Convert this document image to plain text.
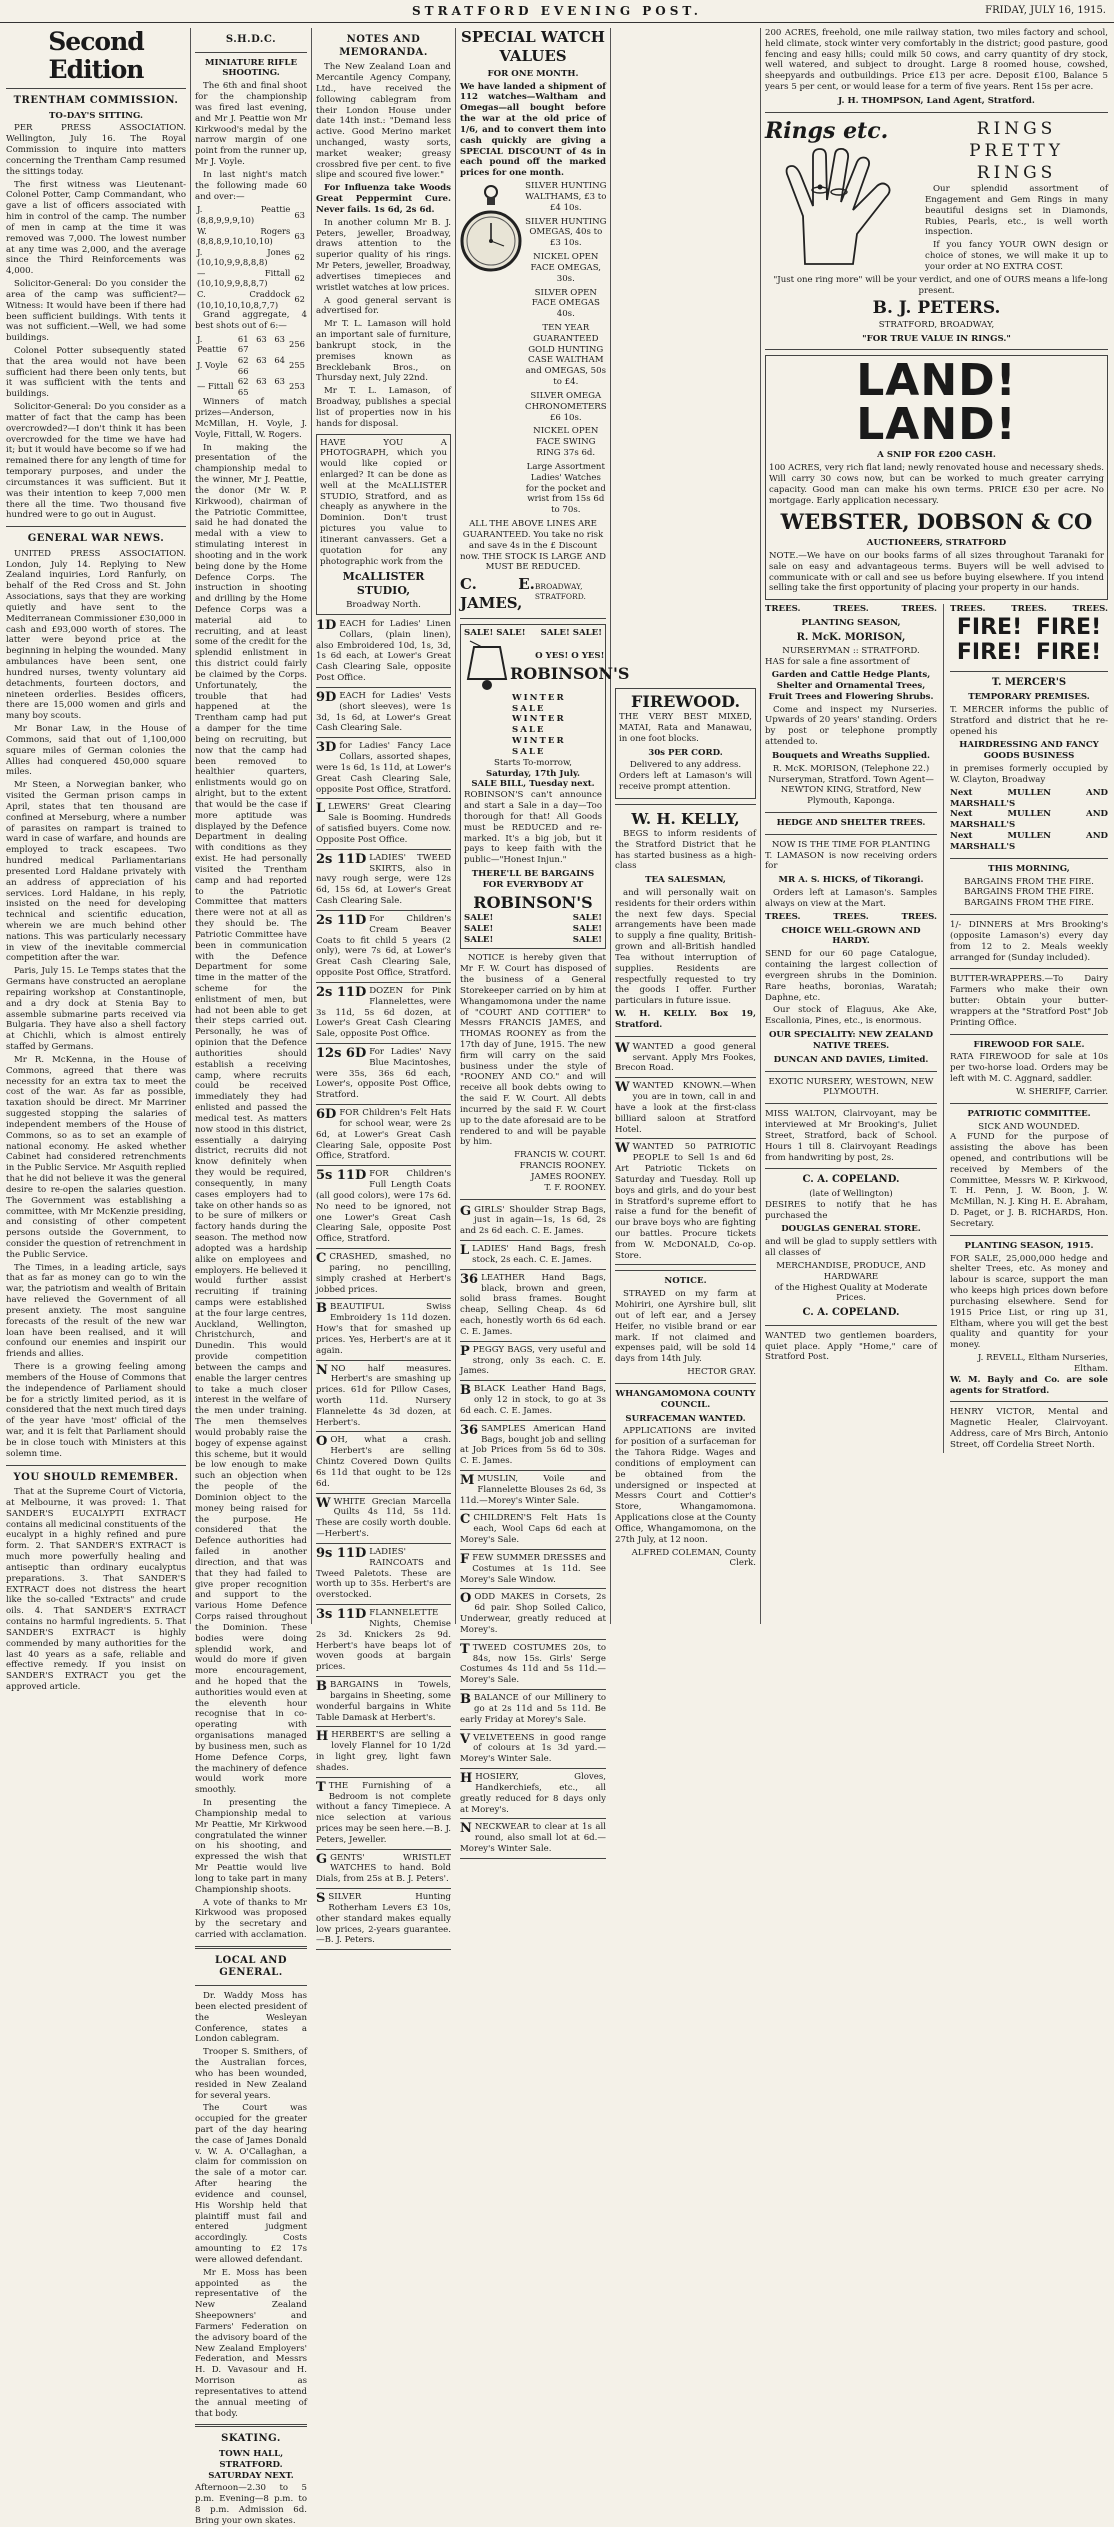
STRATFORD EVENING POST.	FRIDAY, JULY 16, 1915.
Second Edition
TRENTHAM COMMISSION.
TO-DAY'S SITTING.

PER PRESS ASSOCIATION. Wellington, July 16. The Royal Commission to inquire into matters concerning the Trentham Camp resumed the sittings today.

The first witness was Lieutenant-Colonel Potter, Camp Commandant, who gave a list of officers associated with him in control of the camp. The number of men in camp at the time it was removed was 7,000. The lowest number at any time was 2,000, and the average since the Third Reinforcements was 4,000.

Solicitor-General: Do you consider the area of the camp was sufficient?—Witness: It would have been if there had been sufficient buildings. With tents it was not sufficient.—Well, we had some buildings.

Colonel Potter subsequently stated that the area would not have been sufficient had there been only tents, but it was sufficient with the tents and buildings.

Solicitor-General: Do you consider as a matter of fact that the camp has been overcrowded?—I don't think it has been overcrowded for the time we have had it; but it would have become so if we had remained there for any length of time for temporary purposes, and under the circumstances it was sufficient. But it was their intention to keep 7,000 men there all the time. Two thousand five hundred were to go out in August.

GENERAL WAR NEWS.

UNITED PRESS ASSOCIATION. London, July 14. Replying to New Zealand inquiries, Lord Ranfurly, on behalf of the Red Cross and St. John Associations, says that they are working quietly and have sent to the Mediterranean Commissioner £30,000 in cash and £93,000 worth of stores. The latter were beyond price at the beginning in helping the wounded. Many ambulances have been sent, one hundred nurses, twenty voluntary aid detachments, fourteen doctors, and nineteen orderlies. Besides officers, there are 15,000 women and girls and many boy scouts.

Mr Bonar Law, in the House of Commons, said that out of 1,100,000 square miles of German colonies the Allies had conquered 450,000 square miles.

Mr Steen, a Norwegian banker, who visited the German prison camps in April, states that ten thousand are confined at Merseburg, where a number of parasites on rampart is trained to ward in case of warfare, and hounds are employed to track escapees. Two hundred medical Parliamentarians presented Lord Haldane privately with an address of appreciation of his services. Lord Haldane, in his reply, insisted on the need for developing technical and scientific education, wherein we are much behind other nations. This was particularly necessary in view of the inevitable commercial competition after the war.

Paris, July 15. Le Temps states that the Germans have constructed an aeroplane repairing workshop at Constantinople, and a dry dock at Stenia Bay to assemble submarine parts received via Bulgaria. They have also a shell factory at Chichli, which is almost entirely staffed by Germans.

Mr R. McKenna, in the House of Commons, agreed that there was necessity for an extra tax to meet the cost of the war. As far as possible, taxation should be direct. Mr Marriner suggested stopping the salaries of independent members of the House of Commons, so as to set an example of national economy. He asked whether Cabinet had considered retrenchments in the Public Service. Mr Asquith replied that he did not believe it was the general desire to re-open the salaries question. The Government was establishing a committee, with Mr McKenzie presiding, and consisting of other competent persons outside the Government, to consider the question of retrenchment in the Public Service.

The Times, in a leading article, says that as far as money can go to win the war, the patriotism and wealth of Britain have relieved the Government of all present anxiety. The most sanguine forecasts of the result of the new war loan have been realised, and it will confound our enemies and inspirit our friends and allies.

There is a growing feeling among members of the House of Commons that the independence of Parliament should be for a strictly limited period, as it is considered that the next much tired days of the year have 'most' official of the war, and it is felt that Parliament should be in close touch with Ministers at this solemn time.

YOU SHOULD REMEMBER.

That at the Supreme Court of Victoria, at Melbourne, it was proved: 1. That SANDER'S EUCALYPTI EXTRACT contains all medicinal constituents of the eucalypt in a highly refined and pure form. 2. That SANDER'S EXTRACT is much more powerfully healing and antiseptic than ordinary eucalyptus preparations. 3. That SANDER'S EXTRACT does not distress the heart like the so-called "Extracts" and crude oils. 4. That SANDER'S EXTRACT contains no harmful ingredients. 5. That SANDER'S EXTRACT is highly commended by many authorities for the last 40 years as a safe, reliable and effective remedy. If you insist on SANDER'S EXTRACT you get the approved article.

S.H.D.C.
MINIATURE RIFLE SHOOTING.

The 6th and final shoot for the championship was fired last evening, and Mr J. Peattie won Mr Kirkwood's medal by the narrow margin of one point from the runner up, Mr J. Voyle.

In last night's match the following made 60 and over:—

J. Peattie (8,8,9,9,9,10)	63
W. Rogers (8,8,8,9,10,10,10)	63
J. Jones (10,10,9,9,8,8,8)	62
— Fittall (10,10,9,9,8,8,7)	62
C. Craddock (10,10,10,10,8,7,7)	62

Grand aggregate, 4 best shots out of 6:—

J. Peattie	61 63 63 67	256
J. Voyle	62 63 64 66	255
— Fittall	62 63 63 65	253

Winners of match prizes—Anderson, McMillan, H. Voyle, J. Voyle, Fittall, W. Rogers.

In making the presentation of the championship medal to the winner, Mr J. Peattie, the donor (Mr W. P. Kirkwood), chairman of the Patriotic Committee, said he had donated the medal with a view to stimulating interest in shooting and in the work being done by the Home Defence Corps. The instruction in shooting and drilling by the Home Defence Corps was a material aid to recruiting, and at least some of the credit for the splendid enlistment in this district could fairly be claimed by the Corps. Unfortunately, the trouble that had happened at the Trentham camp had put a damper for the time being on recruiting, but now that the camp had been removed to healthier quarters, enlistments would go on alright, but to the extent that would be the case if more aptitude was displayed by the Defence Department in dealing with conditions as they exist. He had personally visited the Trentham camp and had reported to the Patriotic Committee that matters there were not at all as they should be. The Patriotic Committee have been in communication with the Defence Department for some time in the matter of the scheme for the enlistment of men, but had not been able to get their steps carried out. Personally, he was of opinion that the Defence authorities should establish a receiving camp, where recruits could be received immediately they had enlisted and passed the medical test. As matters now stood in this district, essentially a dairying district, recruits did not know definitely when they would be required, consequently, in many cases employers had to take on other hands so as to be sure of milkers or factory hands during the season. The method now adopted was a hardship alike on employees and employers. He believed it would further assist recruiting if training camps were established at the four large centres, Auckland, Wellington, Christchurch, and Dunedin. This would provide competition between the camps and enable the larger centres to take a much closer interest in the welfare of the men under training. The men themselves would probably raise the bogey of expense against this scheme, but it would be low enough to make such an objection when the people of the Dominion object to the money being raised for the purpose. He considered that the Defence authorities had failed in another direction, and that was that they had failed to give proper recognition and support to the various Home Defence Corps raised throughout the Dominion. These bodies were doing splendid work, and would do more if given more encouragement, and he hoped that the authorities would even at the eleventh hour recognise that in co-operating with organisations managed by business men, such as Home Defence Corps, the machinery of defence would work more smoothly.

In presenting the Championship medal to Mr Peattie, Mr Kirkwood congratulated the winner on his shooting, and expressed the wish that Mr Peattie would live long to take part in many Championship shoots.

A vote of thanks to Mr Kirkwood was proposed by the secretary and carried with acclamation.

LOCAL AND GENERAL.

Dr. Waddy Moss has been elected president of the Wesleyan Conference, states a London cablegram.

Trooper S. Smithers, of the Australian forces, who has been wounded, resided in New Zealand for several years.

The Court was occupied for the greater part of the day hearing the case of James Donald v. W. A. O'Callaghan, a claim for commission on the sale of a motor car. After hearing the evidence and counsel, His Worship held that plaintiff must fail and entered judgment accordingly. Costs amounting to £2 17s were allowed defendant.

Mr E. Moss has been appointed as the representative of the New Zealand Sheepowners' and Farmers' Federation on the advisory board of the New Zealand Employers' Federation, and Messrs H. D. Vavasour and H. Morrison as representatives to attend the annual meeting of that body.

SKATING.
TOWN HALL, STRATFORD. SATURDAY NEXT.

Afternoon—2.30 to 5 p.m. Evening—8 p.m. to 8 p.m. Admission 6d. Bring your own skates.

NOTES AND MEMORANDA.

The New Zealand Loan and Mercantile Agency Company, Ltd., have received the following cablegram from their London House under date 14th inst.: "Demand less active. Good Merino market unchanged, wasty sorts, market weaker; greasy crossbred five per cent. to five slipe and scoured five lower."

For Influenza take Woods Great Peppermint Cure. Never fails. 1s 6d, 2s 6d.

In another column Mr B. J. Peters, jeweller, Broadway, draws attention to the superior quality of his rings. Mr Peters, jeweller, Broadway, advertises timepieces and wristlet watches at low prices.

A good general servant is advertised for.

Mr T. L. Lamason will hold an important sale of furniture, bankrupt stock, in the premises known as Brecklebank Bros., on Thursday next, July 22nd.

Mr T. L. Lamason, of Broadway, publishes a special list of properties now in his hands for disposal.

HAVE YOU A PHOTOGRAPH, which you would like copied or enlarged? It can be done as well at the McALLISTER STUDIO, Stratford, and as cheaply as anywhere in the Dominion. Don't trust pictures you value to itinerant canvassers. Get a quotation for any photographic work from the

McALLISTER STUDIO,
Broadway North.
1D EACH for Ladies' Linen Collars, (plain linen), also Embroidered 10d, 1s, 3d, 1s 6d each, at Lower's Great Cash Clearing Sale, opposite Post Office.
9D EACH for Ladies' Vests (short sleeves), were 1s 3d, 1s 6d, at Lower's Great Cash Clearing Sale.
3D for Ladies' Fancy Lace Collars, assorted shapes, were 1s 6d, 1s 11d, at Lower's Great Cash Clearing Sale, opposite Post Office, Stratford.
LLEWERS' Great Clearing Sale is Booming. Hundreds of satisfied buyers. Come now. Opposite Post Office.
2s 11D LADIES' TWEED SKIRTS, also in navy rough serge, were 12s 6d, 15s 6d, at Lower's Great Cash Clearing Sale.
2s 11D For Children's Cream Beaver Coats to fit child 5 years (2 only), were 7s 6d, at Lower's Great Cash Clearing Sale, opposite Post Office, Stratford.
2s 11D DOZEN for Pink Flannelettes, were 3s 11d, 5s 6d dozen, at Lower's Great Cash Clearing Sale, opposite Post Office.
12s 6D For Ladies' Navy Blue Macintoshes, were 35s, 36s 6d each, Lower's, opposite Post Office, Stratford.
6D FOR Children's Felt Hats for school wear, were 2s 6d, at Lower's Great Cash Clearing Sale, opposite Post Office, Stratford.
5s 11D FOR Children's Full Length Coats (all good colors), were 17s 6d. No need to be ignored, not one Lower's Great Cash Clearing Sale, opposite Post Office, Stratford.
CCRASHED, smashed, no paring, no pencilling, simply crashed at Herbert's jobbed prices.
BBEAUTIFUL Swiss Embroidery 1s 11d dozen. How's that for smashed up prices. Yes, Herbert's are at it again.
NNO half measures. Herbert's are smashing up prices. 61d for Pillow Cases, worth 11d. Nursery Flannelette 4s 3d dozen, at Herbert's.
OOH, what a crash. Herbert's are selling Chintz Covered Down Quilts 6s 11d that ought to be 12s 6d.
WWHITE Grecian Marcella Quilts 4s 11d, 5s 11d. These are cosily worth double.—Herbert's.
9s 11D LADIES' RAINCOATS and Tweed Paletots. These are worth up to 35s. Herbert's are overstocked.
3s 11D FLANNELETTE Nights, Chemise 2s 3d. Knickers 2s 9d. Herbert's have beaps lot of woven goods at bargain prices.
BBARGAINS in Towels, bargains in Sheeting, some wonderful bargains in White Table Damask at Herbert's.
HHERBERT'S are selling a lovely Flannel for 10 1/2d in light grey, light fawn shades.
TTHE Furnishing of a Bedroom is not complete without a fancy Timepiece. A nice selection at various prices may be seen here.—B. J. Peters, Jeweller.
GGENTS' WRISTLET WATCHES to hand. Bold Dials, from 25s at B. J. Peters'.
SSILVER Hunting Rotherham Levers £3 10s, other standard makes equally low prices, 2-years guarantee.—B. J. Peters.
SPECIAL WATCH VALUES
FOR ONE MONTH.

We have landed a shipment of 112 watches—Waltham and Omegas—all bought before the war at the old price of 1/6, and to convert them into cash quickly are giving a SPECIAL DISCOUNT of 4s in each pound off the marked prices for one month.

SILVER HUNTING WALTHAMS, £3 to £4 10s.
SILVER HUNTING OMEGAS, 40s to £3 10s.
NICKEL OPEN FACE OMEGAS, 30s.
SILVER OPEN FACE OMEGAS 40s.
TEN YEAR GUARANTEED GOLD HUNTING CASE WALTHAM and OMEGAS, 50s to £4.
SILVER OMEGA CHRONOMETERS £6 10s.
NICKEL OPEN FACE SWING RING 37s 6d.
Large Assortment Ladies' Watches for the pocket and wrist from 15s 6d to 70s.

ALL THE ABOVE LINES ARE GUARANTEED. You take no risk and save 4s in the £ Discount now. THE STOCK IS LARGE AND MUST BE REDUCED.

C. E. JAMES,
BROADWAY, STRATFORD.
SALE! SALE! SALE! SALE!
O YES! O YES!
ROBINSON'S
WINTER SALE
WINTER SALE
WINTER SALE
Starts To-morrow,
Saturday, 17th July.
SALE BILL, Tuesday next.

ROBINSON'S can't announce and start a Sale in a day—Too thorough for that! All Goods must be REDUCED and re-marked. It's a big job, but it pays to keep faith with the public—"Honest Injun."

THERE'LL BE BARGAINS FOR EVERYBODY AT
ROBINSON'S
SALE!
SALE!
SALE!
SALE!
SALE!
SALE!

NOTICE is hereby given that Mr F. W. Court has disposed of the business of a General Storekeeper carried on by him at Whangamomona under the name of "COURT AND COTTIER" to Messrs FRANCIS JAMES, and THOMAS ROONEY as from the 17th day of June, 1915. The new firm will carry on the said business under the style of "ROONEY AND CO." and will receive all book debts owing to the said F. W. Court. All debts incurred by the said F. W. Court up to the date aforesaid are to be rendered to and will be payable by him.

FRANCIS W. COURT.
FRANCIS ROONEY.
JAMES ROONEY.
T. F. ROONEY.
GGIRLS' Shoulder Strap Bags, just in again—1s, 1s 6d, 2s and 2s 6d each. C. E. James.
LLADIES' Hand Bags, fresh stock, 2s each. C. E. James.
36 LEATHER Hand Bags, black, brown and green, solid brass frames. Bought cheap, Selling Cheap. 4s 6d each, honestly worth 6s 6d each. C. E. James.
PPEGGY BAGS, very useful and strong, only 3s each. C. E. James.
BBLACK Leather Hand Bags, only 12 in stock, to go at 3s 6d each. C. E. James.
36 SAMPLES American Hand Bags, bought job and selling at Job Prices from 5s 6d to 30s. C. E. James.
MMUSLIN, Voile and Flannelette Blouses 2s 6d, 3s 11d.—Morey's Winter Sale.
CCHILDREN'S Felt Hats 1s each, Wool Caps 6d each at Morey's Sale.
FFEW SUMMER DRESSES and Costumes at 1s 11d. See Morey's Sale Window.
OODD MAKES in Corsets, 2s 6d pair. Shop Soiled Calico, Underwear, greatly reduced at Morey's.
TTWEED COSTUMES 20s, to 84s, now 15s. Girls' Serge Costumes 4s 11d and 5s 11d.—Morey's Sale.
BBALANCE of our Millinery to go at 2s 11d and 5s 11d. Be early Friday at Morey's Sale.
VVELVETEENS in good range of colours at 1s 3d yard.—Morey's Winter Sale.
HHOSIERY, Gloves, Handkerchiefs, etc., all greatly reduced for 8 days only at Morey's.
NNECKWEAR to clear at 1s all round, also small lot at 6d.—Morey's Winter Sale.
FIREWOOD.

THE VERY BEST MIXED, MATAI, Rata and Manawau, in one foot blocks.

30s PER CORD.
Delivered to any address.

Orders left at Lamason's will receive prompt attention.

W. H. KELLY,

BEGS to inform residents of the Stratford District that he has started business as a high-class

TEA SALESMAN,

and will personally wait on residents for their orders within the next few days. Special arrangements have been made to supply a fine quality, British-grown and all-British handled Tea without interruption of supplies. Residents are respectfully requested to try the goods I offer. Further particulars in future issue.

W. H. KELLY. Box 19, Stratford.
WWANTED a good general servant. Apply Mrs Fookes, Brecon Road.
WWANTED KNOWN.—When you are in town, call in and have a look at the first-class billiard saloon at Stratford Hotel.
WWANTED 50 PATRIOTIC PEOPLE to Sell 1s and 6d Art Patriotic Tickets on Saturday and Tuesday. Roll up boys and girls, and do your best in Stratford's supreme effort to raise a fund for the benefit of our brave boys who are fighting our battles. Procure tickets from W. McDONALD, Co-op. Store.
NOTICE.

STRAYED on my farm at Mohiriri, one Ayrshire bull, slit out of left ear, and a Jersey Heifer, no visible brand or ear mark. If not claimed and expenses paid, will be sold 14 days from 14th July.

HECTOR GRAY.
WHANGAMOMONA COUNTY COUNCIL.
SURFACEMAN WANTED.

APPLICATIONS are invited for position of a surfaceman for the Tahora Ridge. Wages and conditions of employment can be obtained from the undersigned or inspected at Messrs Court and Cottier's Store, Whangamomona. Applications close at the County Office, Whangamomona, on the 27th July, at 12 noon.

ALFRED COLEMAN, County Clerk.

200 ACRES, freehold, one mile railway station, two miles factory and school, held climate, stock winter very comfortably in the district; good pasture, good fencing and easy hills; could milk 50 cows, and carry quantity of dry stock, well watered, and subject to drought. Large 8 roomed house, cowshed, sheepyards and outbuildings. Price £13 per acre. Deposit £100, Balance 5 years 5 per cent, or would lease for a term of five years. Rent 15s per acre.

J. H. THOMPSON, Land Agent, Stratford.
Rings etc.	RINGS
PRETTY
RINGS

Our splendid assortment of Engagement and Gem Rings in many beautiful designs set in Diamonds, Rubies, Pearls, etc., is well worth inspection.

If you fancy YOUR OWN design or choice of stones, we will make it up to your order at NO EXTRA COST.

"Just one ring more" will be your verdict, and one of OURS means a life-long present.

B. J. PETERS.
STRATFORD, BROADWAY,
"FOR TRUE VALUE IN RINGS."
LAND! LAND!
A SNIP FOR £200 CASH.

100 ACRES, very rich flat land; newly renovated house and necessary sheds. Will carry 30 cows now, but can be worked to much greater carrying capacity. Good man can make his own terms. PRICE £30 per acre. No mortgage. Early application necessary.

WEBSTER, DOBSON & CO
AUCTIONEERS, STRATFORD

NOTE.—We have on our books farms of all sizes throughout Taranaki for sale on easy and advantageous terms. Buyers will be well advised to communicate with or call and see us before buying elsewhere. If you intend selling take the first opportunity of placing your property in our hands.

TREES.	TREES.	TREES.
PLANTING SEASON,
R. McK. MORISON,
NURSERYMAN :: STRATFORD.

HAS for sale a fine assortment of

Garden and Cattle Hedge Plants, Shelter and Ornamental Trees, Fruit Trees and Flowering Shrubs.

Come and inspect my Nurseries. Upwards of 20 years' standing. Orders by post or telephone promptly attended to.

Bouquets and Wreaths Supplied.

R. McK. MORISON, (Telephone 22.) Nurseryman, Stratford. Town Agent—NEWTON KING, Stratford, New Plymouth, Kaponga.

HEDGE AND SHELTER TREES.
NOW IS THE TIME FOR PLANTING

T. LAMASON is now receiving orders for

MR A. S. HICKS, of Tikorangi.

Orders left at Lamason's. Samples always on view at the Mart.

TREES.	TREES.	TREES.
CHOICE WELL-GROWN AND HARDY.

SEND for our 60 page Catalogue, containing the largest collection of evergreen shrubs in the Dominion. Rare heaths, boronias, Waratah; Daphne, etc.

Our stock of Elaguus, Ake Ake, Escallonia, Pines, etc., is enormous.

OUR SPECIALITY: NEW ZEALAND NATIVE TREES.
DUNCAN AND DAVIES, Limited.
EXOTIC NURSERY, WESTOWN, NEW PLYMOUTH.

MISS WALTON, Clairvoyant, may be interviewed at Mr Brooking's, Juliet Street, Stratford, back of School. Hours 1 till 8. Clairvoyant Readings from handwriting by post, 2s.

C. A. COPELAND.
(late of Wellington)

DESIRES to notify that he has purchased the

DOUGLAS GENERAL STORE.

and will be glad to supply settlers with all classes of

MERCHANDISE, PRODUCE, AND HARDWARE

of the Highest Quality at Moderate Prices.

C. A. COPELAND.

WANTED two gentlemen boarders, quiet place. Apply "Home," care of Stratford Post.

TREES.	TREES.	TREES.
FIRE! FIRE!
FIRE! FIRE!
T. MERCER'S
TEMPORARY PREMISES.

T. MERCER informs the public of Stratford and district that he re-opened his

HAIRDRESSING AND FANCY GOODS BUSINESS

in premises formerly occupied by W. Clayton, Broadway

Next MULLEN AND MARSHALL'S
Next MULLEN AND MARSHALL'S
Next MULLEN AND MARSHALL'S
THIS MORNING,
BARGAINS FROM THE FIRE.
BARGAINS FROM THE FIRE.
BARGAINS FROM THE FIRE.

1/- DINNERS at Mrs Brooking's (opposite Lamason's) every day from 12 to 2. Meals weekly arranged for (Sunday included).

BUTTER-WRAPPERS.—To Dairy Farmers who make their own butter: Obtain your butter-wrappers at the "Stratford Post" Job Printing Office.

FIREWOOD FOR SALE.

RATA FIREWOOD for sale at 10s per two-horse load. Orders may be left with M. C. Aggnard, saddler.

W. SHERIFF, Carrier.
PATRIOTIC COMMITTEE.
SICK AND WOUNDED.

A FUND for the purpose of assisting the above has been opened, and contributions will be received by Members of the Committee, Messrs W. P. Kirkwood, T. H. Penn, J. W. Boon, J. W. McMillan, N. J. King H. E. Abraham, D. Paget, or J. B. RICHARDS, Hon. Secretary.

PLANTING SEASON, 1915.

FOR SALE, 25,000,000 hedge and shelter Trees, etc. As money and labour is scarce, support the man who keeps high prices down before purchasing elsewhere. Send for 1915 Price List, or ring up 31, Eltham, where you will get the best quality and quantity for your money.

J. REVELL, Eltham Nurseries, Eltham.
W. M. Bayly and Co. are sole agents for Stratford.

HENRY VICTOR, Mental and Magnetic Healer, Clairvoyant. Address, care of Mrs Birch, Antonio Street, off Cordelia Street North.
